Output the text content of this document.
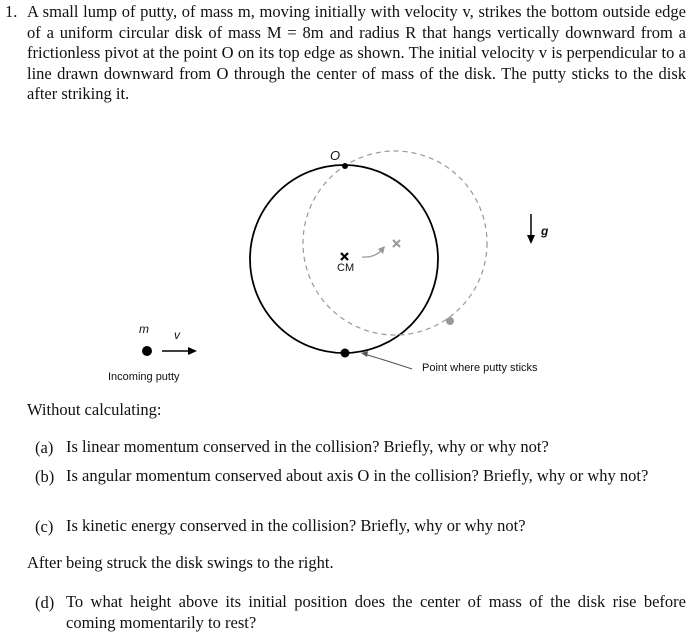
1. A small lump of putty, of mass m, moving initially with velocity v, strikes the bottom outside edge of a uniform circular disk of mass M = 8m and radius R that hangs vertically downward from a frictionless pivot at the point O on its top edge as shown. The initial velocity v is perpendicular to a line drawn downward from O through the center of mass of the disk. The putty sticks to the disk after striking it.
O
CM
g
m v
Incoming putty
Point where putty sticks
Without calculating:
(a) Is linear momentum conserved in the collision? Briefly, why or why not?
(b) Is angular momentum conserved about axis O in the collision? Briefly, why or why not?
(c) Is kinetic energy conserved in the collision? Briefly, why or why not?
After being struck the disk swings to the right.
(d) To what height above its initial position does the center of mass of the disk rise before coming momentarily to rest?
